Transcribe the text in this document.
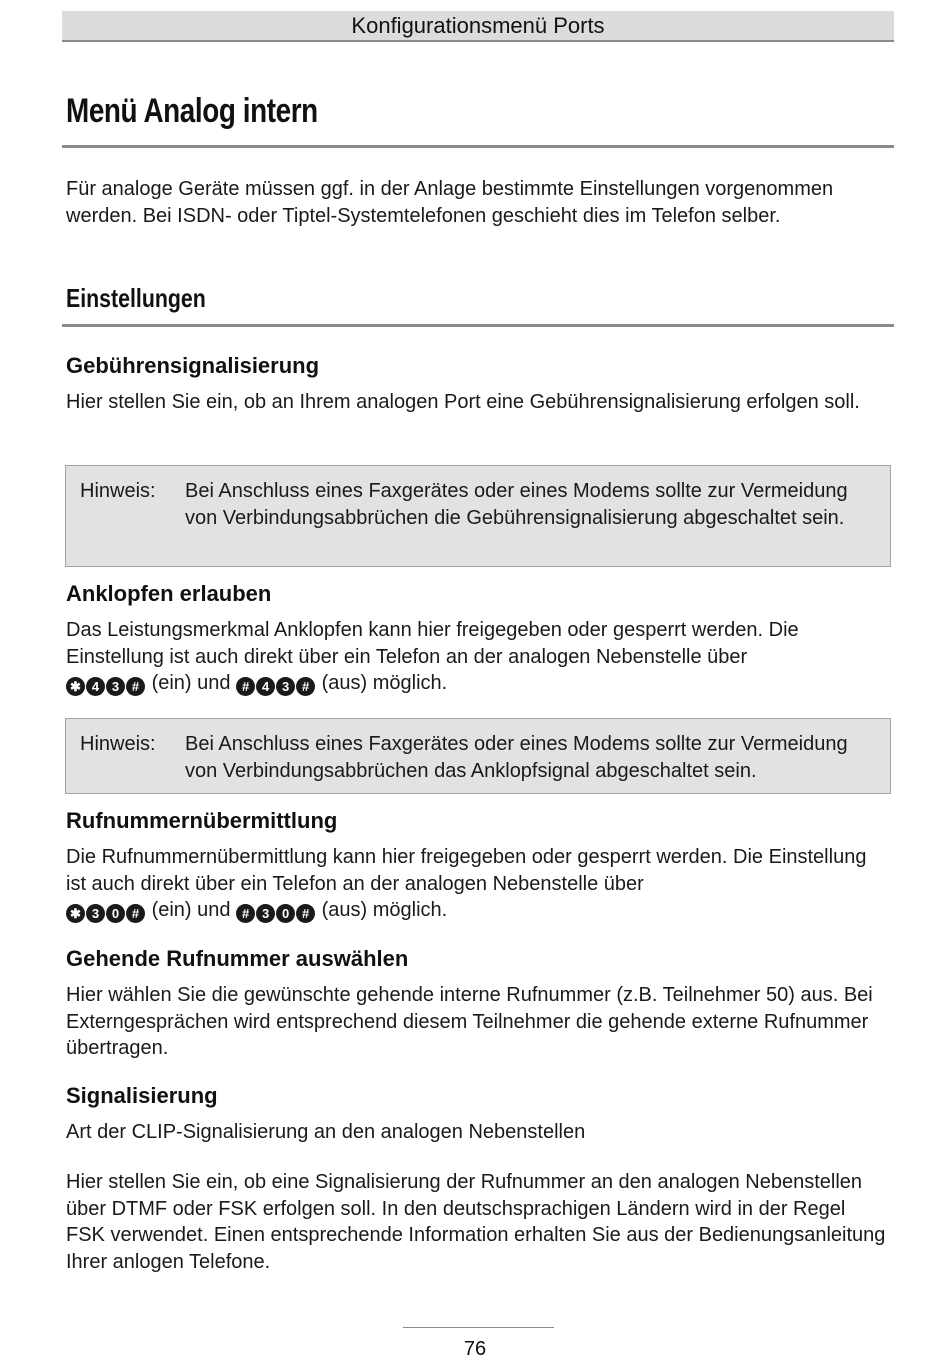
Konfigurationsmenü Ports
Menü Analog intern

Für analoge Geräte müssen ggf. in der Anlage bestimmte Einstellungen vorgenommen werden. Bei ISDN- oder Tiptel-Systemtelefonen geschieht dies im Telefon selber.

Einstellungen
Gebührensignalisierung

Hier stellen Sie ein, ob an Ihrem analogen Port eine Gebührensignalisierung erfolgen soll.

Hinweis: Bei Anschluss eines Faxgerätes oder eines Modems sollte zur Vermeidung von Verbindungsabbrüchen die Gebührensignalisierung abgeschaltet sein.

Anklopfen erlauben

Das Leistungsmerkmal Anklopfen kann hier freigegeben oder gesperrt werden. Die Einstellung ist auch direkt über ein Telefon an der analogen Nebenstelle über
✱ 4 3 # (ein) und # 4 3 # (aus) möglich.

Hinweis: Bei Anschluss eines Faxgerätes oder eines Modems sollte zur Vermeidung von Verbindungsabbrüchen das Anklopfsignal abgeschaltet sein.

Rufnummernübermittlung

Die Rufnummernübermittlung kann hier freigegeben oder gesperrt werden. Die Einstellung ist auch direkt über ein Telefon an der analogen Nebenstelle über
✱ 3 0 # (ein) und # 3 0 # (aus) möglich.

Gehende Rufnummer auswählen

Hier wählen Sie die gewünschte gehende interne Rufnummer (z.B. Teilnehmer 50) aus. Bei Externgesprächen wird entsprechend diesem Teilnehmer die gehende externe Rufnummer übertragen.

Signalisierung

Art der CLIP-Signalisierung an den analogen Nebenstellen

Hier stellen Sie ein, ob eine Signalisierung der Rufnummer an den analogen Nebenstellen über DTMF oder FSK erfolgen soll. In den deutschsprachigen Ländern wird in der Regel FSK verwendet. Einen entsprechende Information erhalten Sie aus der Bedienungsanleitung Ihrer anlogen Telefone.

76
